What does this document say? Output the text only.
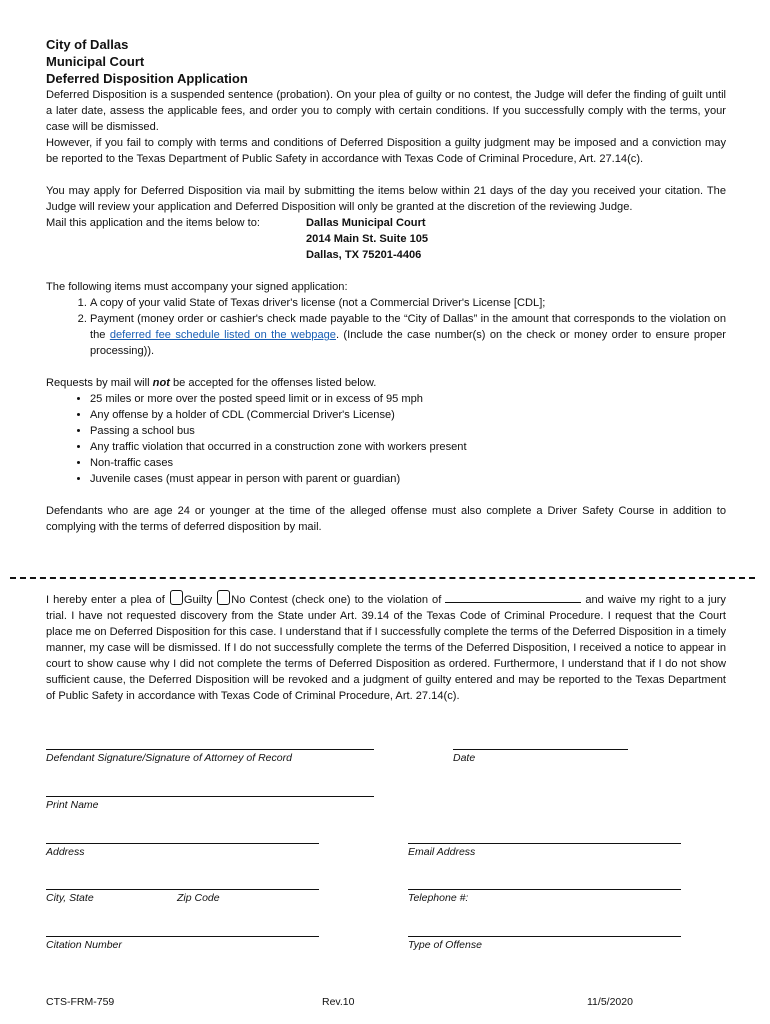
City of Dallas

Municipal Court

Deferred Disposition Application

Deferred Disposition is a suspended sentence (probation). On your plea of guilty or no contest, the Judge will defer the finding of guilt until a later date, assess the applicable fees, and order you to comply with certain conditions. If you successfully comply with the terms, your case will be dismissed.

However, if you fail to comply with terms and conditions of Deferred Disposition a guilty judgment may be imposed and a conviction may be reported to the Texas Department of Public Safety in accordance with Texas Code of Criminal Procedure, Art. 27.14(c).

You may apply for Deferred Disposition via mail by submitting the items below within 21 days of the day you received your citation. The Judge will review your application and Deferred Disposition will only be granted at the discretion of the reviewing Judge.

Mail this application and the items below to:	Dallas Municipal Court
2014 Main St. Suite 105
Dallas, TX 75201-4406

The following items must accompany your signed application:

1. A copy of your valid State of Texas driver's license (not a Commercial Driver's License [CDL];
2. Payment (money order or cashier's check made payable to the “City of Dallas” in the amount that corresponds to the violation on the deferred fee schedule listed on the webpage. (Include the case number(s) on the check or money order to ensure proper processing)).

Requests by mail will not be accepted for the offenses listed below.

• 25 miles or more over the posted speed limit or in excess of 95 mph
• Any offense by a holder of CDL (Commercial Driver's License)
• Passing a school bus
• Any traffic violation that occurred in a construction zone with workers present
• Non-traffic cases
• Juvenile cases (must appear in person with parent or guardian)

Defendants who are age 24 or younger at the time of the alleged offense must also complete a Driver Safety Course in addition to complying with the terms of deferred disposition by mail.

I hereby enter a plea of Guilty No Contest (check one) to the violation of	and waive my right to a jury trial. I have not requested discovery from the State under Art. 39.14 of the Texas Code of Criminal Procedure. I request that the Court place me on Deferred Disposition for this case. I understand that if I successfully complete the terms of the Deferred Disposition in a timely manner, my case will be dismissed. If I do not successfully complete the terms of the Deferred Disposition, I received a notice to appear in court to show cause why I did not complete the terms of Deferred Disposition as ordered. Furthermore, I understand that if I do not show sufficient cause, the Deferred Disposition will be revoked and a judgment of guilty entered and may be reported to the Texas Department of Public Safety in accordance with Texas Code of Criminal Procedure, Art. 27.14(c).

Defendant Signature/Signature of Attorney of Record	Date
Print Name
Address	Email Address
City, State	Zip Code	Telephone #:
Citation Number	Type of Offense
CTS-FRM-759	Rev.10	11/5/2020
